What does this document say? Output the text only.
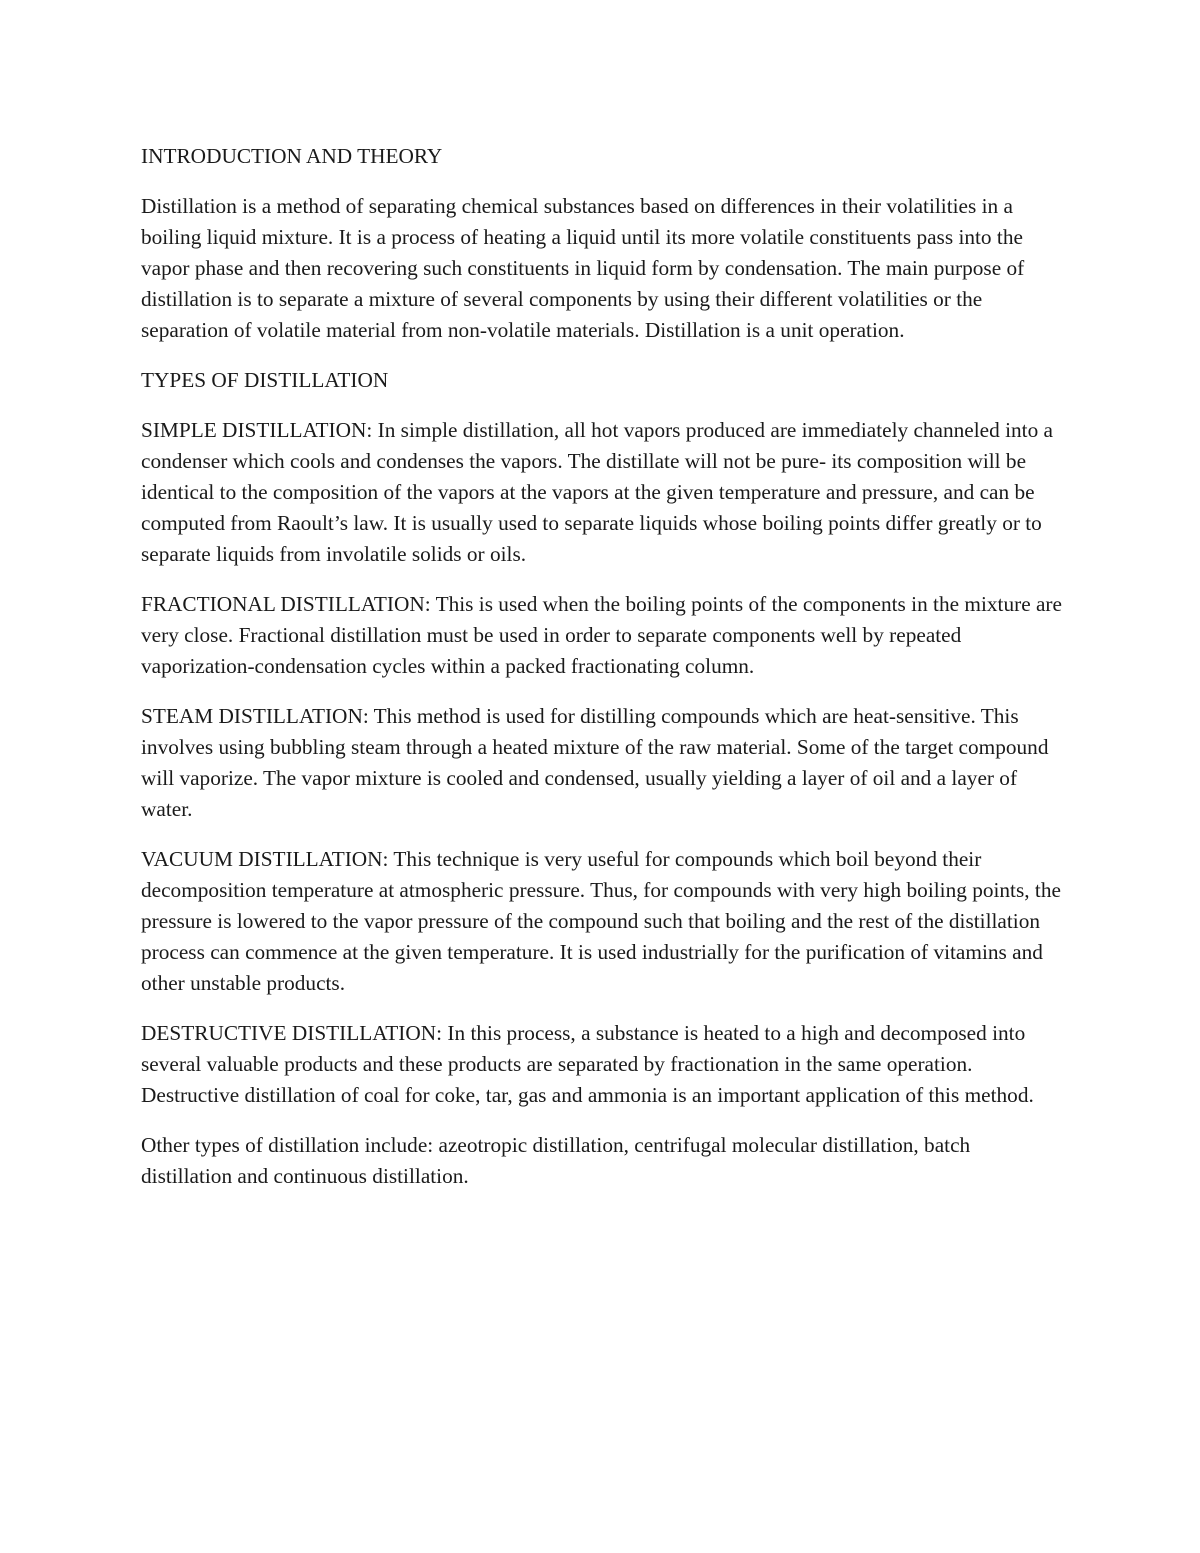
INTRODUCTION AND THEORY

Distillation is a method of separating chemical substances based on differences in their volatilities in a boiling liquid mixture. It is a process of heating a liquid until its more volatile constituents pass into the vapor phase and then recovering such constituents in liquid form by condensation. The main purpose of distillation is to separate a mixture of several components by using their different volatilities or the separation of volatile material from non-volatile materials. Distillation is a unit operation.

TYPES OF DISTILLATION

SIMPLE DISTILLATION: In simple distillation, all hot vapors produced are immediately channeled into a condenser which cools and condenses the vapors. The distillate will not be pure- its composition will be identical to the composition of the vapors at the vapors at the given temperature and pressure, and can be computed from Raoult’s law. It is usually used to separate liquids whose boiling points differ greatly or to separate liquids from involatile solids or oils.

FRACTIONAL DISTILLATION: This is used when the boiling points of the components in the mixture are very close. Fractional distillation must be used in order to separate components well by repeated vaporization-condensation cycles within a packed fractionating column.

STEAM DISTILLATION: This method is used for distilling compounds which are heat-sensitive. This involves using bubbling steam through a heated mixture of the raw material. Some of the target compound will vaporize. The vapor mixture is cooled and condensed, usually yielding a layer of oil and a layer of water.

VACUUM DISTILLATION: This technique is very useful for compounds which boil beyond their decomposition temperature at atmospheric pressure. Thus, for compounds with very high boiling points, the pressure is lowered to the vapor pressure of the compound such that boiling and the rest of the distillation process can commence at the given temperature. It is used industrially for the purification of vitamins and other unstable products.

DESTRUCTIVE DISTILLATION: In this process, a substance is heated to a high and decomposed into several valuable products and these products are separated by fractionation in the same operation. Destructive distillation of coal for coke, tar, gas and ammonia is an important application of this method.

Other types of distillation include: azeotropic distillation, centrifugal molecular distillation, batch distillation and continuous distillation.
